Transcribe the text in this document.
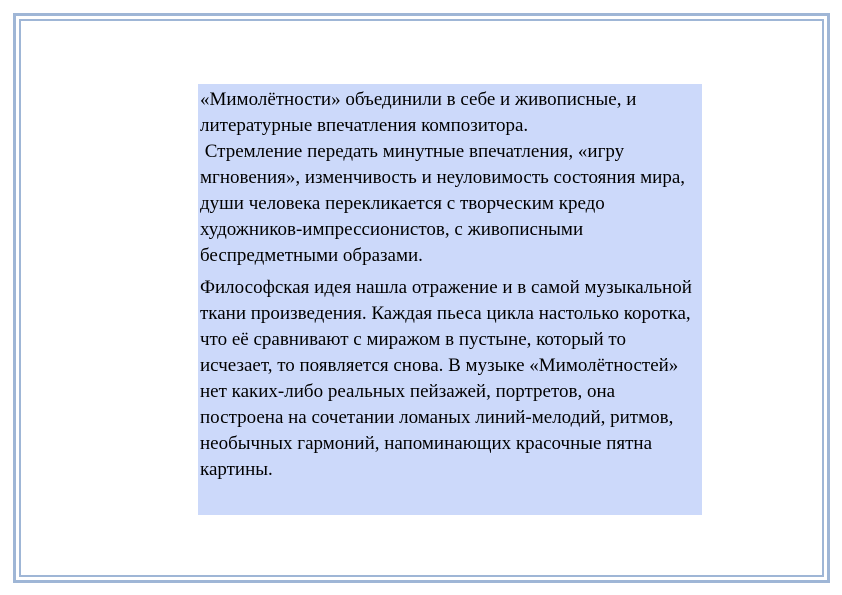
«Мимолётности» объединили в себе и живописные, и литературные впечатления композитора.

Стремление передать минутные впечатления, «игру мгновения», изменчивость и неуловимость состояния мира, души человека перекликается с творческим кредо художников-импрессионистов, с живописными беспредметными образами.

Философская идея нашла отражение и в самой музыкальной ткани произведения. Каждая пьеса цикла настолько коротка, что её сравнивают с миражом в пустыне, который то исчезает, то появляется снова. В музыке «Мимолётностей» нет каких-либо реальных пейзажей, портретов, она построена на сочетании ломаных линий-мелодий, ритмов, необычных гармоний, напоминающих красочные пятна картины.
